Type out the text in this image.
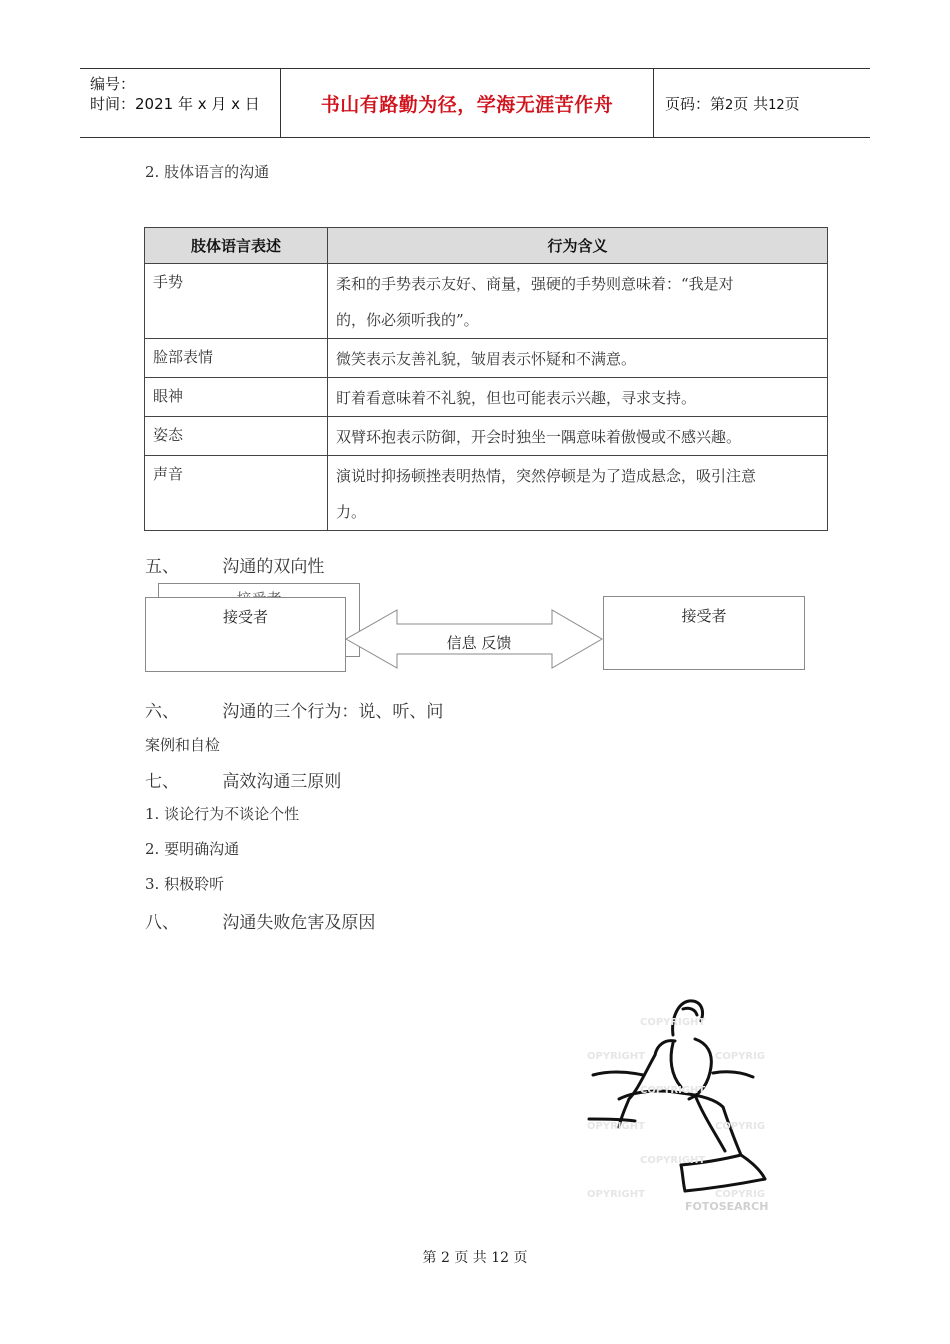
编号：
时间：2021 年 x 月 x 日	书山有路勤为径，学海无涯苦作舟	页码：第2页 共12页
2. 肢体语言的沟通
肢体语言表述	行为含义
手势	柔和的手势表示友好、商量，强硬的手势则意味着：“我是对
的，你必须听我的”。

脸部表情	微笑表示友善礼貌，皱眉表示怀疑和不满意。

眼神	盯着看意味着不礼貌，但也可能表示兴趣，寻求支持。

姿态	双臂环抱表示防御，开会时独坐一隅意味着傲慢或不感兴趣。

声音	演说时抑扬顿挫表明热情，突然停顿是为了造成悬念，吸引注意
力。
五、	沟通的双向性
接受者	接受者
信息 反馈
六、	沟通的三个行为：说、听、问
案例和自检
七、	高效沟通三原则
1. 谈论行为不谈论个性
2. 要明确沟通
3. 积极聆听
八、	沟通失败危害及原因
COPYRIGHT
OPYRIGHT	COPYRIG
COPYRIGHT
OPYRIGHT	COPYRIG
COPYRIGHT
OPYRIGHT	COPYRIG
FOTOSEARCH
第 2 页 共 12 页
